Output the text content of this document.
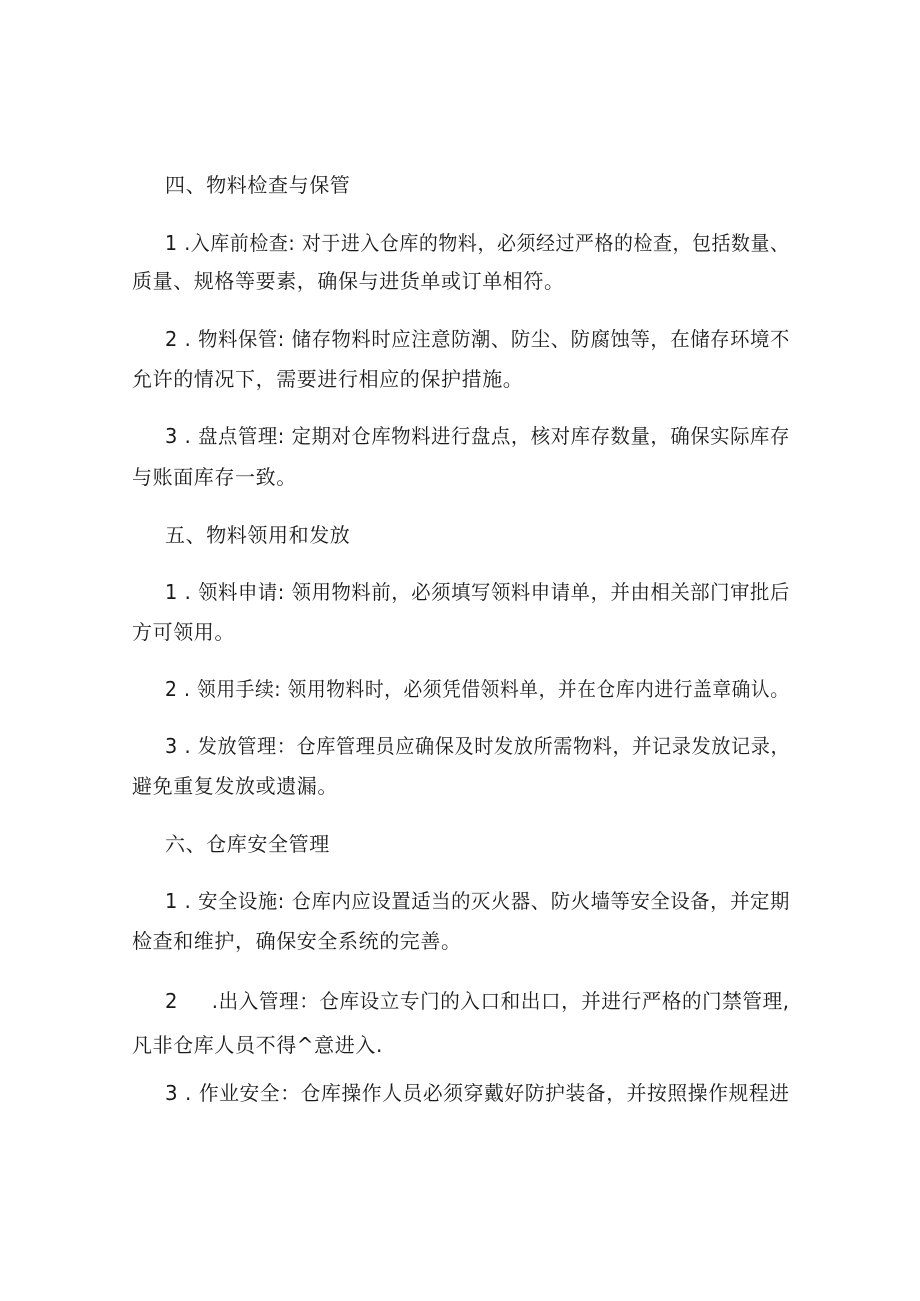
四、物料检查与保管
1 .入库前检查: 对于进入仓库的物料，必须经过严格的检查，包括数量、
质量、规格等要素，确保与进货单或订单相符。
2 . 物料保管: 储存物料时应注意防潮、防尘、防腐蚀等，在储存环境不
允许的情况下，需要进行相应的保护措施。
3 . 盘点管理: 定期对仓库物料进行盘点，核对库存数量，确保实际库存
与账面库存一致。
五、物料领用和发放
1 . 领料申请: 领用物料前，必须填写领料申请单，并由相关部门审批后
方可领用。
2 . 领用手续: 领用物料时，必须凭借领料单，并在仓库内进行盖章确认。
3 . 发放管理：仓库管理员应确保及时发放所需物料，并记录发放记录，
避免重复发放或遗漏。
六、仓库安全管理
1 . 安全设施: 仓库内应设置适当的灭火器、防火墙等安全设备，并定期
检查和维护，确保安全系统的完善。
2 　 .出入管理：仓库设立专门的入口和出口，并进行严格的门禁管理,
凡非仓库人员不得^意进入.
3 . 作业安全：仓库操作人员必须穿戴好防护装备，并按照操作规程进
